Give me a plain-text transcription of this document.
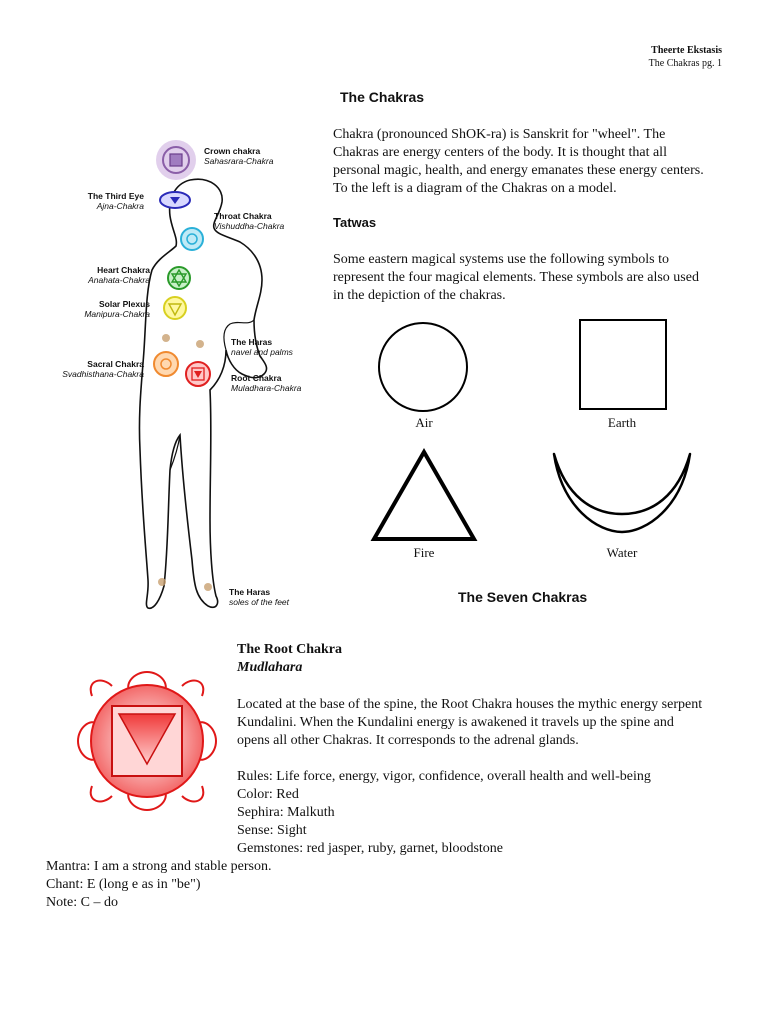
Theerte Ekstasis
The Chakras pg. 1
The Chakras
Chakra (pronounced ShOK-ra) is Sanskrit for "wheel". The Chakras are energy centers of the body. It is thought that all personal magic, health, and energy emanates these energy centers. To the left is a diagram of the Chakras on a model.
Tatwas
Some eastern magical systems use the following symbols to represent the four magical elements. These symbols are also used in the depiction of the chakras.
Air	Earth
Fire	Water
The Seven Chakras
Crown chakra
Sahasrara-Chakra
The Third Eye
Ajna-Chakra
Throat Chakra
Vishuddha-Chakra
Heart Chakra
Anahata-Chakra
Solar Plexus
Manipura-Chakra
The Haras
navel and palms
Sacral Chakra
Svadhisthana-Chakra	Root Chakra
Muladhara-Chakra
The Haras
soles of the feet
The Root Chakra
Mudlahara
Located at the base of the spine, the Root Chakra houses the mythic energy serpent Kundalini. When the Kundalini energy is awakened it travels up the spine and opens all other Chakras. It corresponds to the adrenal glands.
Rules: Life force, energy, vigor, confidence, overall health and well-being
Color: Red
Sephira: Malkuth
Sense: Sight
Gemstones: red jasper, ruby, garnet, bloodstone
Mantra: I am a strong and stable person.
Chant: E (long e as in "be")
Note: C – do
